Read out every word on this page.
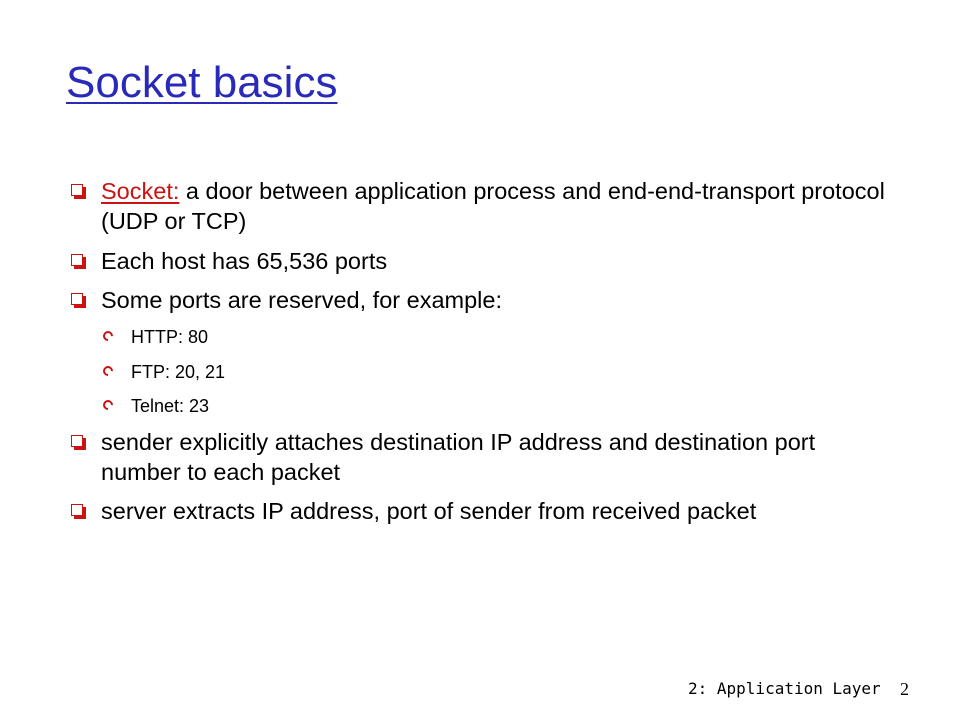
Socket basics
Socket: a door between application process and end-end-transport protocol (UDP or TCP)
Each host has 65,536 ports
Some ports are reserved, for example:
HTTP: 80
FTP: 20, 21
Telnet: 23
sender explicitly attaches destination IP address and destination port number to each packet
server extracts IP address, port of sender from received packet
2: Application Layer 2
